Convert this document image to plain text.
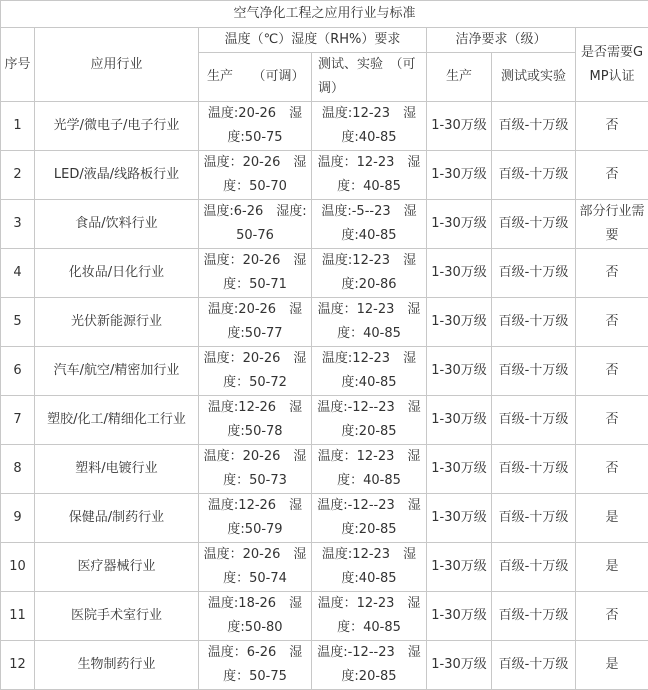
空气净化工程之应用行业与标准						
序号	应用行业	温度（℃）湿度（RH%）要求		洁净要求（级）		是否需要GMP认证
		生产　　（可调）	测试、实验　（可调）	生产	测试或实验	
1	光学/微电子/电子行业	温度:20-26　湿度:50-75	温度:12-23　湿度:40-85	1-30万级	百级-十万级	否
2	LED/液晶/线路板行业	温度：20-26　湿度：50-70	温度：12-23　湿度：40-85	1-30万级	百级-十万级	否
3	食品/饮料行业	温度:6-26　湿度:50-76	温度:-5--23　湿度:40-85	1-30万级	百级-十万级	部分行业需要
4	化妆品/日化行业	温度：20-26　湿度：50-71	温度:12-23　湿度:20-86	1-30万级	百级-十万级	否
5	光伏新能源行业	温度:20-26　湿度:50-77	温度：12-23　湿度：40-85	1-30万级	百级-十万级	否
6	汽车/航空/精密加行业	温度：20-26　湿度：50-72	温度:12-23　湿度:40-85	1-30万级	百级-十万级	否
7	塑胶/化工/精细化工行业	温度:12-26　湿度:50-78	温度:-12--23　湿度:20-85	1-30万级	百级-十万级	否
8	塑料/电镀行业	温度：20-26　湿度：50-73	温度：12-23　湿度：40-85	1-30万级	百级-十万级	否
9	保健品/制药行业	温度:12-26　湿度:50-79	温度:-12--23　湿度:20-85	1-30万级	百级-十万级	是
10	医疗器械行业	温度：20-26　湿度：50-74	温度:12-23　湿度:40-85	1-30万级	百级-十万级	是
11	医院手术室行业	温度:18-26　湿度:50-80	温度：12-23　湿度：40-85	1-30万级	百级-十万级	否
12	生物制药行业	温度：6-26　湿度：50-75	温度:-12--23　湿度:20-85	1-30万级	百级-十万级	是
